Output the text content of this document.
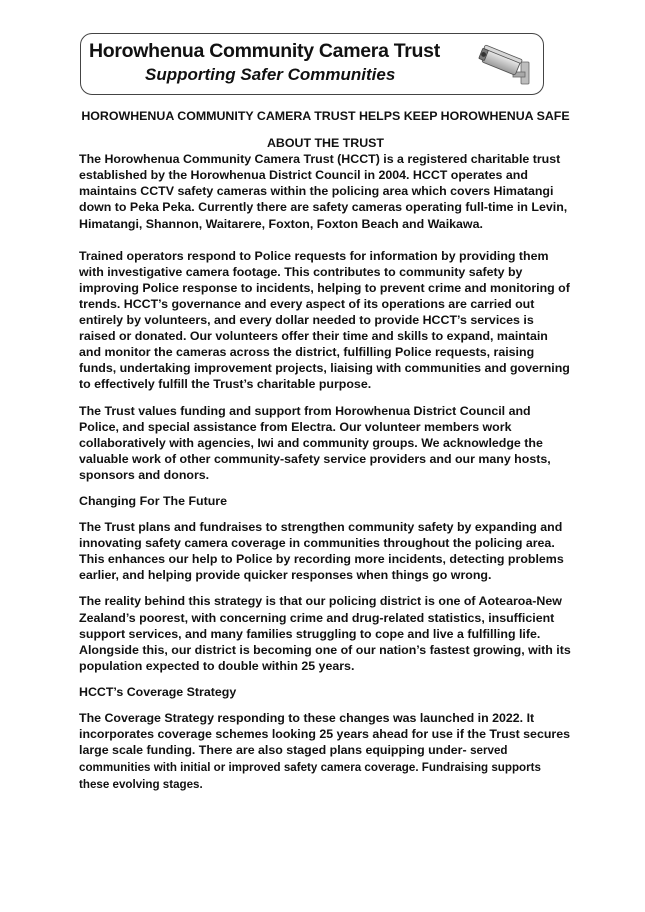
Horowhenua Community Camera Trust
Supporting Safer Communities

HOROWHENUA COMMUNITY CAMERA TRUST HELPS KEEP HOROWHENUA SAFE

ABOUT THE TRUST

The Horowhenua Community Camera Trust (HCCT) is a registered charitable trust established by the Horowhenua District Council in 2004. HCCT operates and maintains CCTV safety cameras within the policing area which covers Himatangi down to Peka Peka. Currently there are safety cameras operating full-time in Levin, Himatangi, Shannon, Waitarere, Foxton, Foxton Beach and Waikawa.

Trained operators respond to Police requests for information by providing them with investigative camera footage. This contributes to community safety by improving Police response to incidents, helping to prevent crime and monitoring of trends. HCCT’s governance and every aspect of its operations are carried out entirely by volunteers, and every dollar needed to provide HCCT’s services is raised or donated. Our volunteers offer their time and skills to expand, maintain and monitor the cameras across the district, fulfilling Police requests, raising funds, undertaking improvement projects, liaising with communities and governing to effectively fulfill the Trust’s charitable purpose.

The Trust values funding and support from Horowhenua District Council and Police, and special assistance from Electra. Our volunteer members work collaboratively with agencies, Iwi and community groups. We acknowledge the valuable work of other community-safety service providers and our many hosts, sponsors and donors.

Changing For The Future

The Trust plans and fundraises to strengthen community safety by expanding and innovating safety camera coverage in communities throughout the policing area. This enhances our help to Police by recording more incidents, detecting problems earlier, and helping provide quicker responses when things go wrong.

The reality behind this strategy is that our policing district is one of Aotearoa-New Zealand’s poorest, with concerning crime and drug-related statistics, insufficient support services, and many families struggling to cope and live a fulfilling life. Alongside this, our district is becoming one of our nation’s fastest growing, with its population expected to double within 25 years.

HCCT’s Coverage Strategy

The Coverage Strategy responding to these changes was launched in 2022. It incorporates coverage schemes looking 25 years ahead for use if the Trust secures large scale funding. There are also staged plans equipping under- served communities with initial or improved safety camera coverage. Fundraising supports these evolving stages.
